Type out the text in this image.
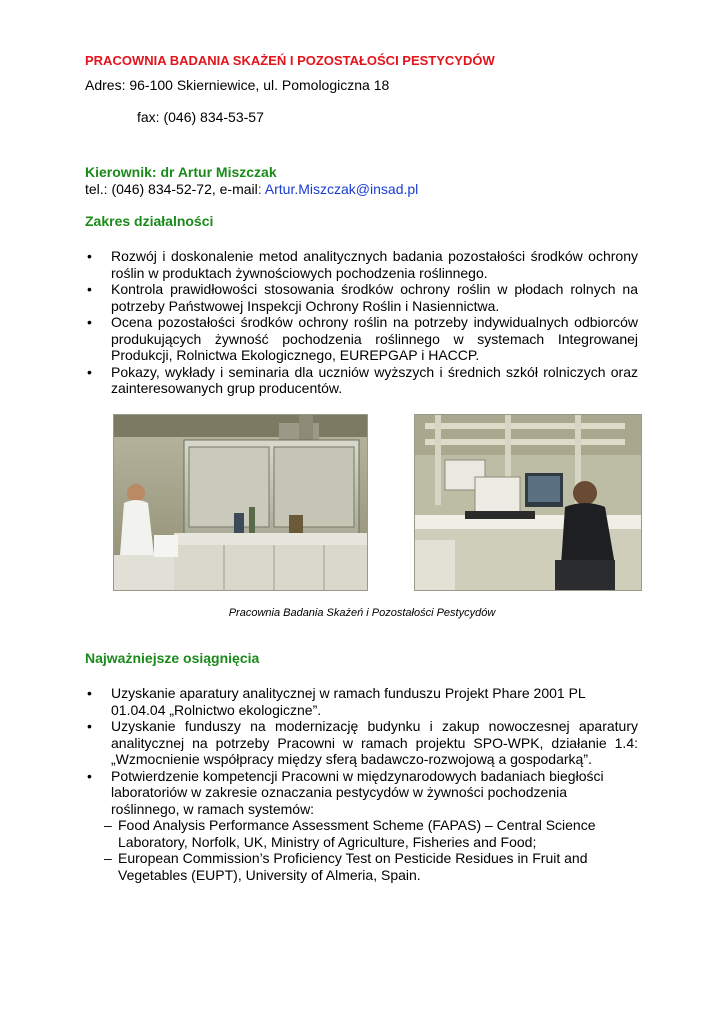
PRACOWNIA BADANIA SKAŻEŃ I POZOSTAŁOŚCI PESTYCYDÓW
Adres: 96-100 Skierniewice, ul. Pomologiczna 18
fax: (046) 834-53-57
Kierownik: dr Artur Miszczak
tel.: (046) 834-52-72, e-mail: Artur.Miszczak@insad.pl
Zakres działalności
• Rozwój i doskonalenie metod analitycznych badania pozostałości środków ochrony roślin w produktach żywnościowych pochodzenia roślinnego.
• Kontrola prawidłowości stosowania środków ochrony roślin w płodach rolnych na potrzeby Państwowej Inspekcji Ochrony Roślin i Nasiennictwa.
• Ocena pozostałości środków ochrony roślin na potrzeby indywidualnych odbiorców produkujących żywność pochodzenia roślinnego w systemach Integrowanej Produkcji, Rolnictwa Ekologicznego, EUREPGAP i HACCP.
• Pokazy, wykłady i seminaria dla uczniów wyższych i średnich szkół rolniczych oraz zainteresowanych grup producentów.
Pracownia Badania Skażeń i Pozostałości Pestycydów
Najważniejsze osiągnięcia
• Uzyskanie aparatury analitycznej w ramach funduszu Projekt Phare 2001 PL 01.04.04 „Rolnictwo ekologiczne”.
• Uzyskanie funduszy na modernizację budynku i zakup nowoczesnej aparatury analitycznej na potrzeby Pracowni w ramach projektu SPO-WPK, działanie 1.4: „Wzmocnienie współpracy między sferą badawczo-rozwojową a gospodarką”.
• Potwierdzenie kompetencji Pracowni w międzynarodowych badaniach biegłości laboratoriów w zakresie oznaczania pestycydów w żywności pochodzenia roślinnego, w ramach systemów:
– Food Analysis Performance Assessment Scheme (FAPAS) – Central Science Laboratory, Norfolk, UK, Ministry of Agriculture, Fisheries and Food;
– European Commission’s Proficiency Test on Pesticide Residues in Fruit and Vegetables (EUPT), University of Almeria, Spain.
